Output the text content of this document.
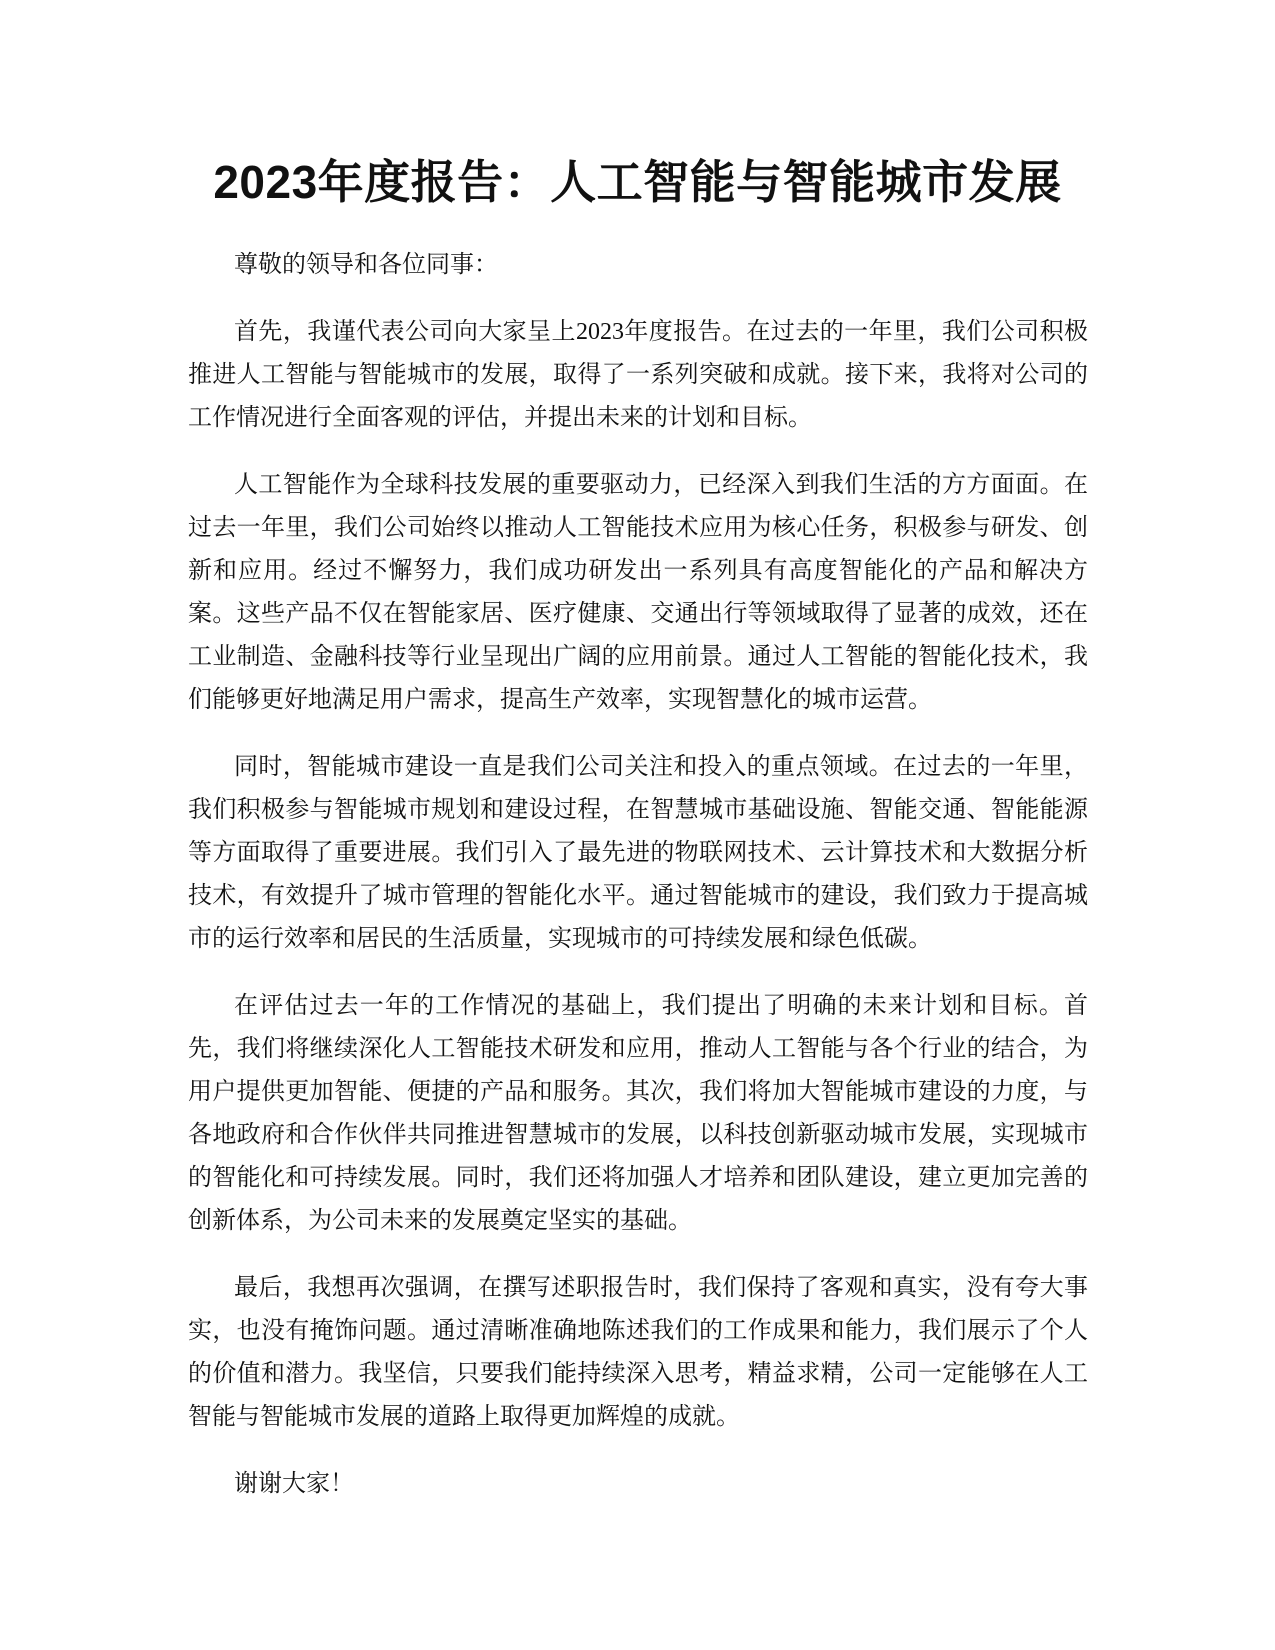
2023年度报告：人工智能与智能城市发展

尊敬的领导和各位同事：

首先，我谨代表公司向大家呈上2023年度报告。在过去的一年里，我们公司积极推进人工智能与智能城市的发展，取得了一系列突破和成就。接下来，我将对公司的工作情况进行全面客观的评估，并提出未来的计划和目标。

人工智能作为全球科技发展的重要驱动力，已经深入到我们生活的方方面面。在过去一年里，我们公司始终以推动人工智能技术应用为核心任务，积极参与研发、创新和应用。经过不懈努力，我们成功研发出一系列具有高度智能化的产品和解决方案。这些产品不仅在智能家居、医疗健康、交通出行等领域取得了显著的成效，还在工业制造、金融科技等行业呈现出广阔的应用前景。通过人工智能的智能化技术，我们能够更好地满足用户需求，提高生产效率，实现智慧化的城市运营。

同时，智能城市建设一直是我们公司关注和投入的重点领域。在过去的一年里，我们积极参与智能城市规划和建设过程，在智慧城市基础设施、智能交通、智能能源等方面取得了重要进展。我们引入了最先进的物联网技术、云计算技术和大数据分析技术，有效提升了城市管理的智能化水平。通过智能城市的建设，我们致力于提高城市的运行效率和居民的生活质量，实现城市的可持续发展和绿色低碳。

在评估过去一年的工作情况的基础上，我们提出了明确的未来计划和目标。首先，我们将继续深化人工智能技术研发和应用，推动人工智能与各个行业的结合，为用户提供更加智能、便捷的产品和服务。其次，我们将加大智能城市建设的力度，与各地政府和合作伙伴共同推进智慧城市的发展，以科技创新驱动城市发展，实现城市的智能化和可持续发展。同时，我们还将加强人才培养和团队建设，建立更加完善的创新体系，为公司未来的发展奠定坚实的基础。

最后，我想再次强调，在撰写述职报告时，我们保持了客观和真实，没有夸大事实，也没有掩饰问题。通过清晰准确地陈述我们的工作成果和能力，我们展示了个人的价值和潜力。我坚信，只要我们能持续深入思考，精益求精，公司一定能够在人工智能与智能城市发展的道路上取得更加辉煌的成就。

谢谢大家！
